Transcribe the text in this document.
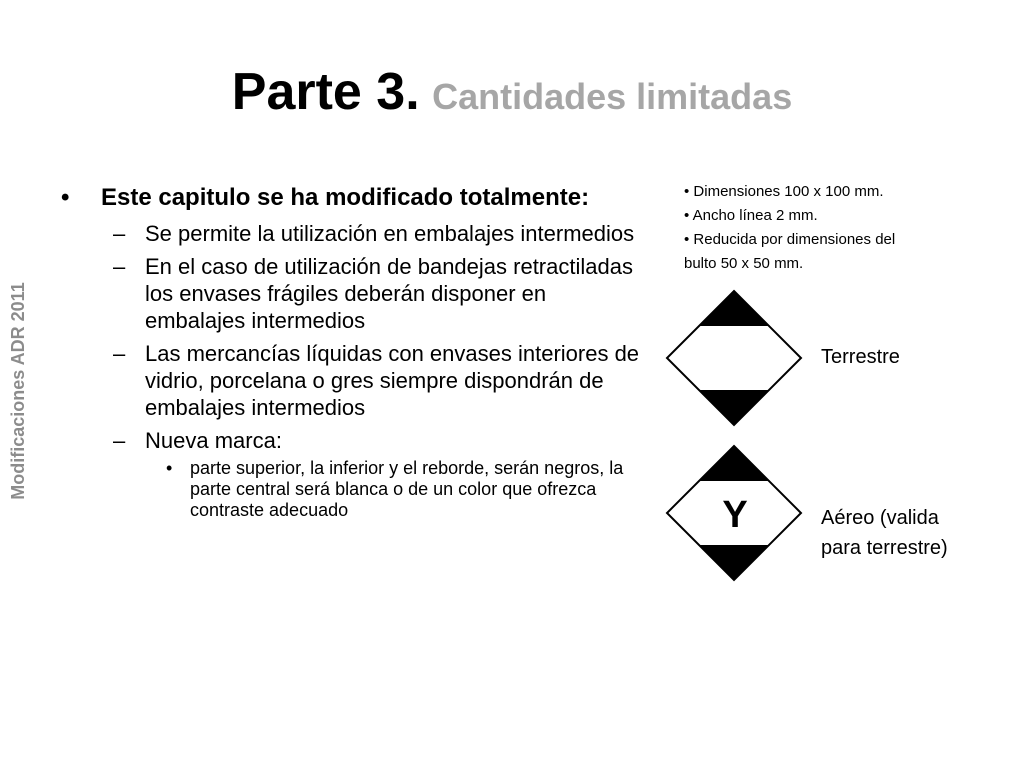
Parte 3. Cantidades limitadas
Modificaciones ADR 2011
• Este capitulo se ha modificado totalmente:
– Se permite la utilización en embalajes intermedios
– En el caso de utilización de bandejas retractiladas los envases frágiles deberán disponer en embalajes intermedios
– Las mercancías líquidas con envases interiores de vidrio, porcelana o gres siempre dispondrán de embalajes intermedios
– Nueva marca:
• parte superior, la inferior y el reborde, serán negros, la parte central será blanca o de un color que ofrezca contraste adecuado
• Dimensiones 100 x 100 mm.
• Ancho línea 2 mm.
• Reducida por dimensiones del
bulto 50 x 50 mm.
Terrestre
Y	Aéreo (valida
para terrestre)
